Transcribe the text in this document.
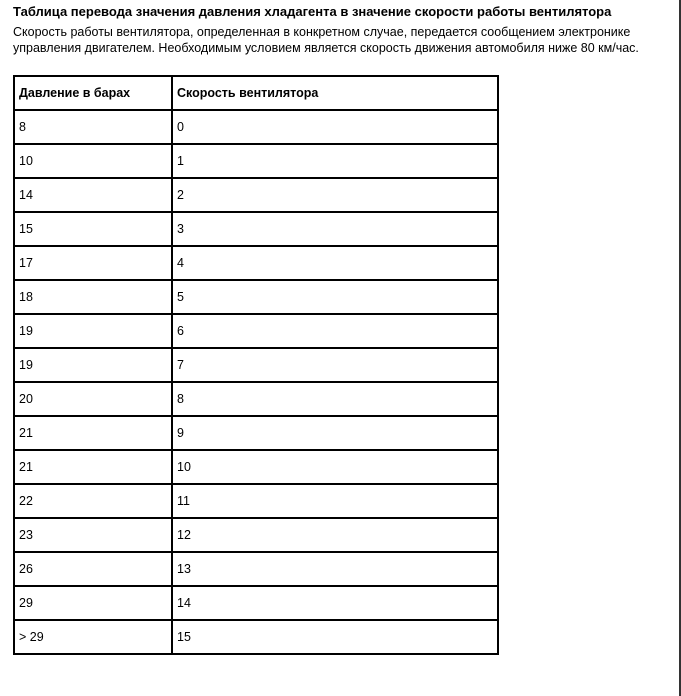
Таблица перевода значения давления хладагента в значение скорости работы вентилятора
Скорость работы вентилятора, определенная в конкретном случае, передается сообщением электронике управления двигателем. Необходимым условием является скорость движения автомобиля ниже 80 км/час.
Давление в барах	Скорость вентилятора
8	0
10	1
14	2
15	3
17	4
18	5
19	6
19	7
20	8
21	9
21	10
22	11
23	12
26	13
29	14
> 29	15
